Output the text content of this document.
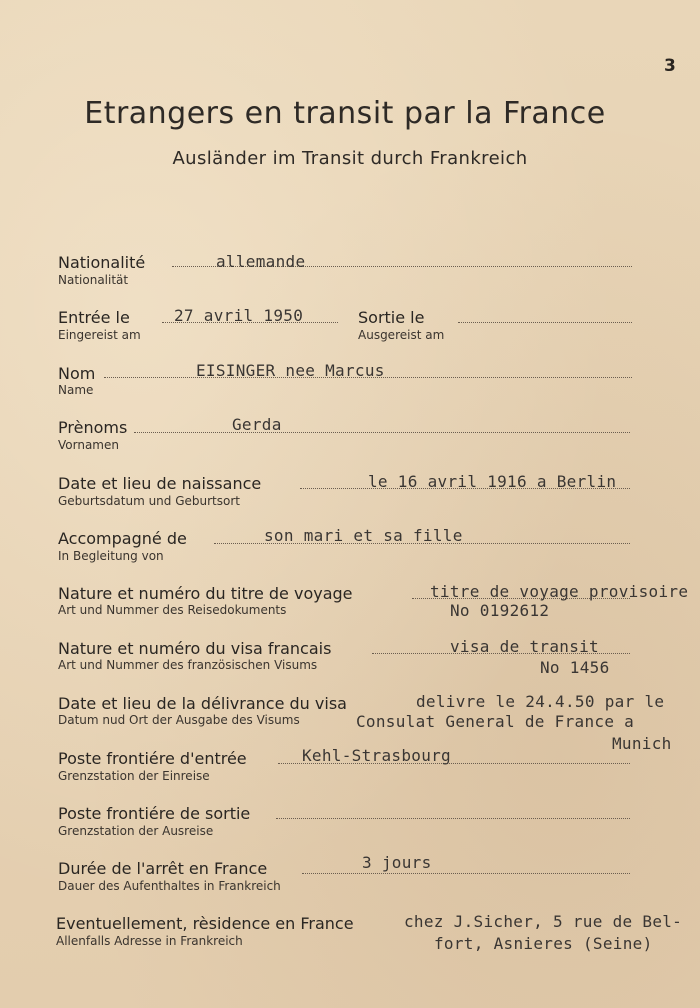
3
Etrangers en transit par la France
Ausländer im Transit durch Frankreich
Nationalité
Nationalität
allemande
Entrée le
Eingereist am
27 avril 1950	Sortie le
Ausgereist am
Nom
Name
EISINGER nee Marcus
Prènoms
Vornamen
Gerda
Date et lieu de naissance
Geburtsdatum und Geburtsort
le 16 avril 1916 a Berlin
Accompagné de
In Begleitung von
son mari et sa fille
Nature et numéro du titre de voyage
Art und Nummer des Reisedokuments
titre de voyage provisoire
No 0192612
Nature et numéro du visa francais
Art und Nummer des französischen Visums
visa de transit
No 1456
Date et lieu de la délivrance du visa
Datum nud Ort der Ausgabe des Visums
delivre le 24.4.50 par le
Consulat General de France a
Munich
Poste frontiére d'entrée
Grenzstation der Einreise
Kehl-Strasbourg
Poste frontiére de sortie
Grenzstation der Ausreise
Durée de l'arrêt en France
Dauer des Aufenthaltes in Frankreich
3 jours
Eventuellement, rèsidence en France
Allenfalls Adresse in Frankreich
chez J.Sicher, 5 rue de Bel-
fort, Asnieres (Seine)
